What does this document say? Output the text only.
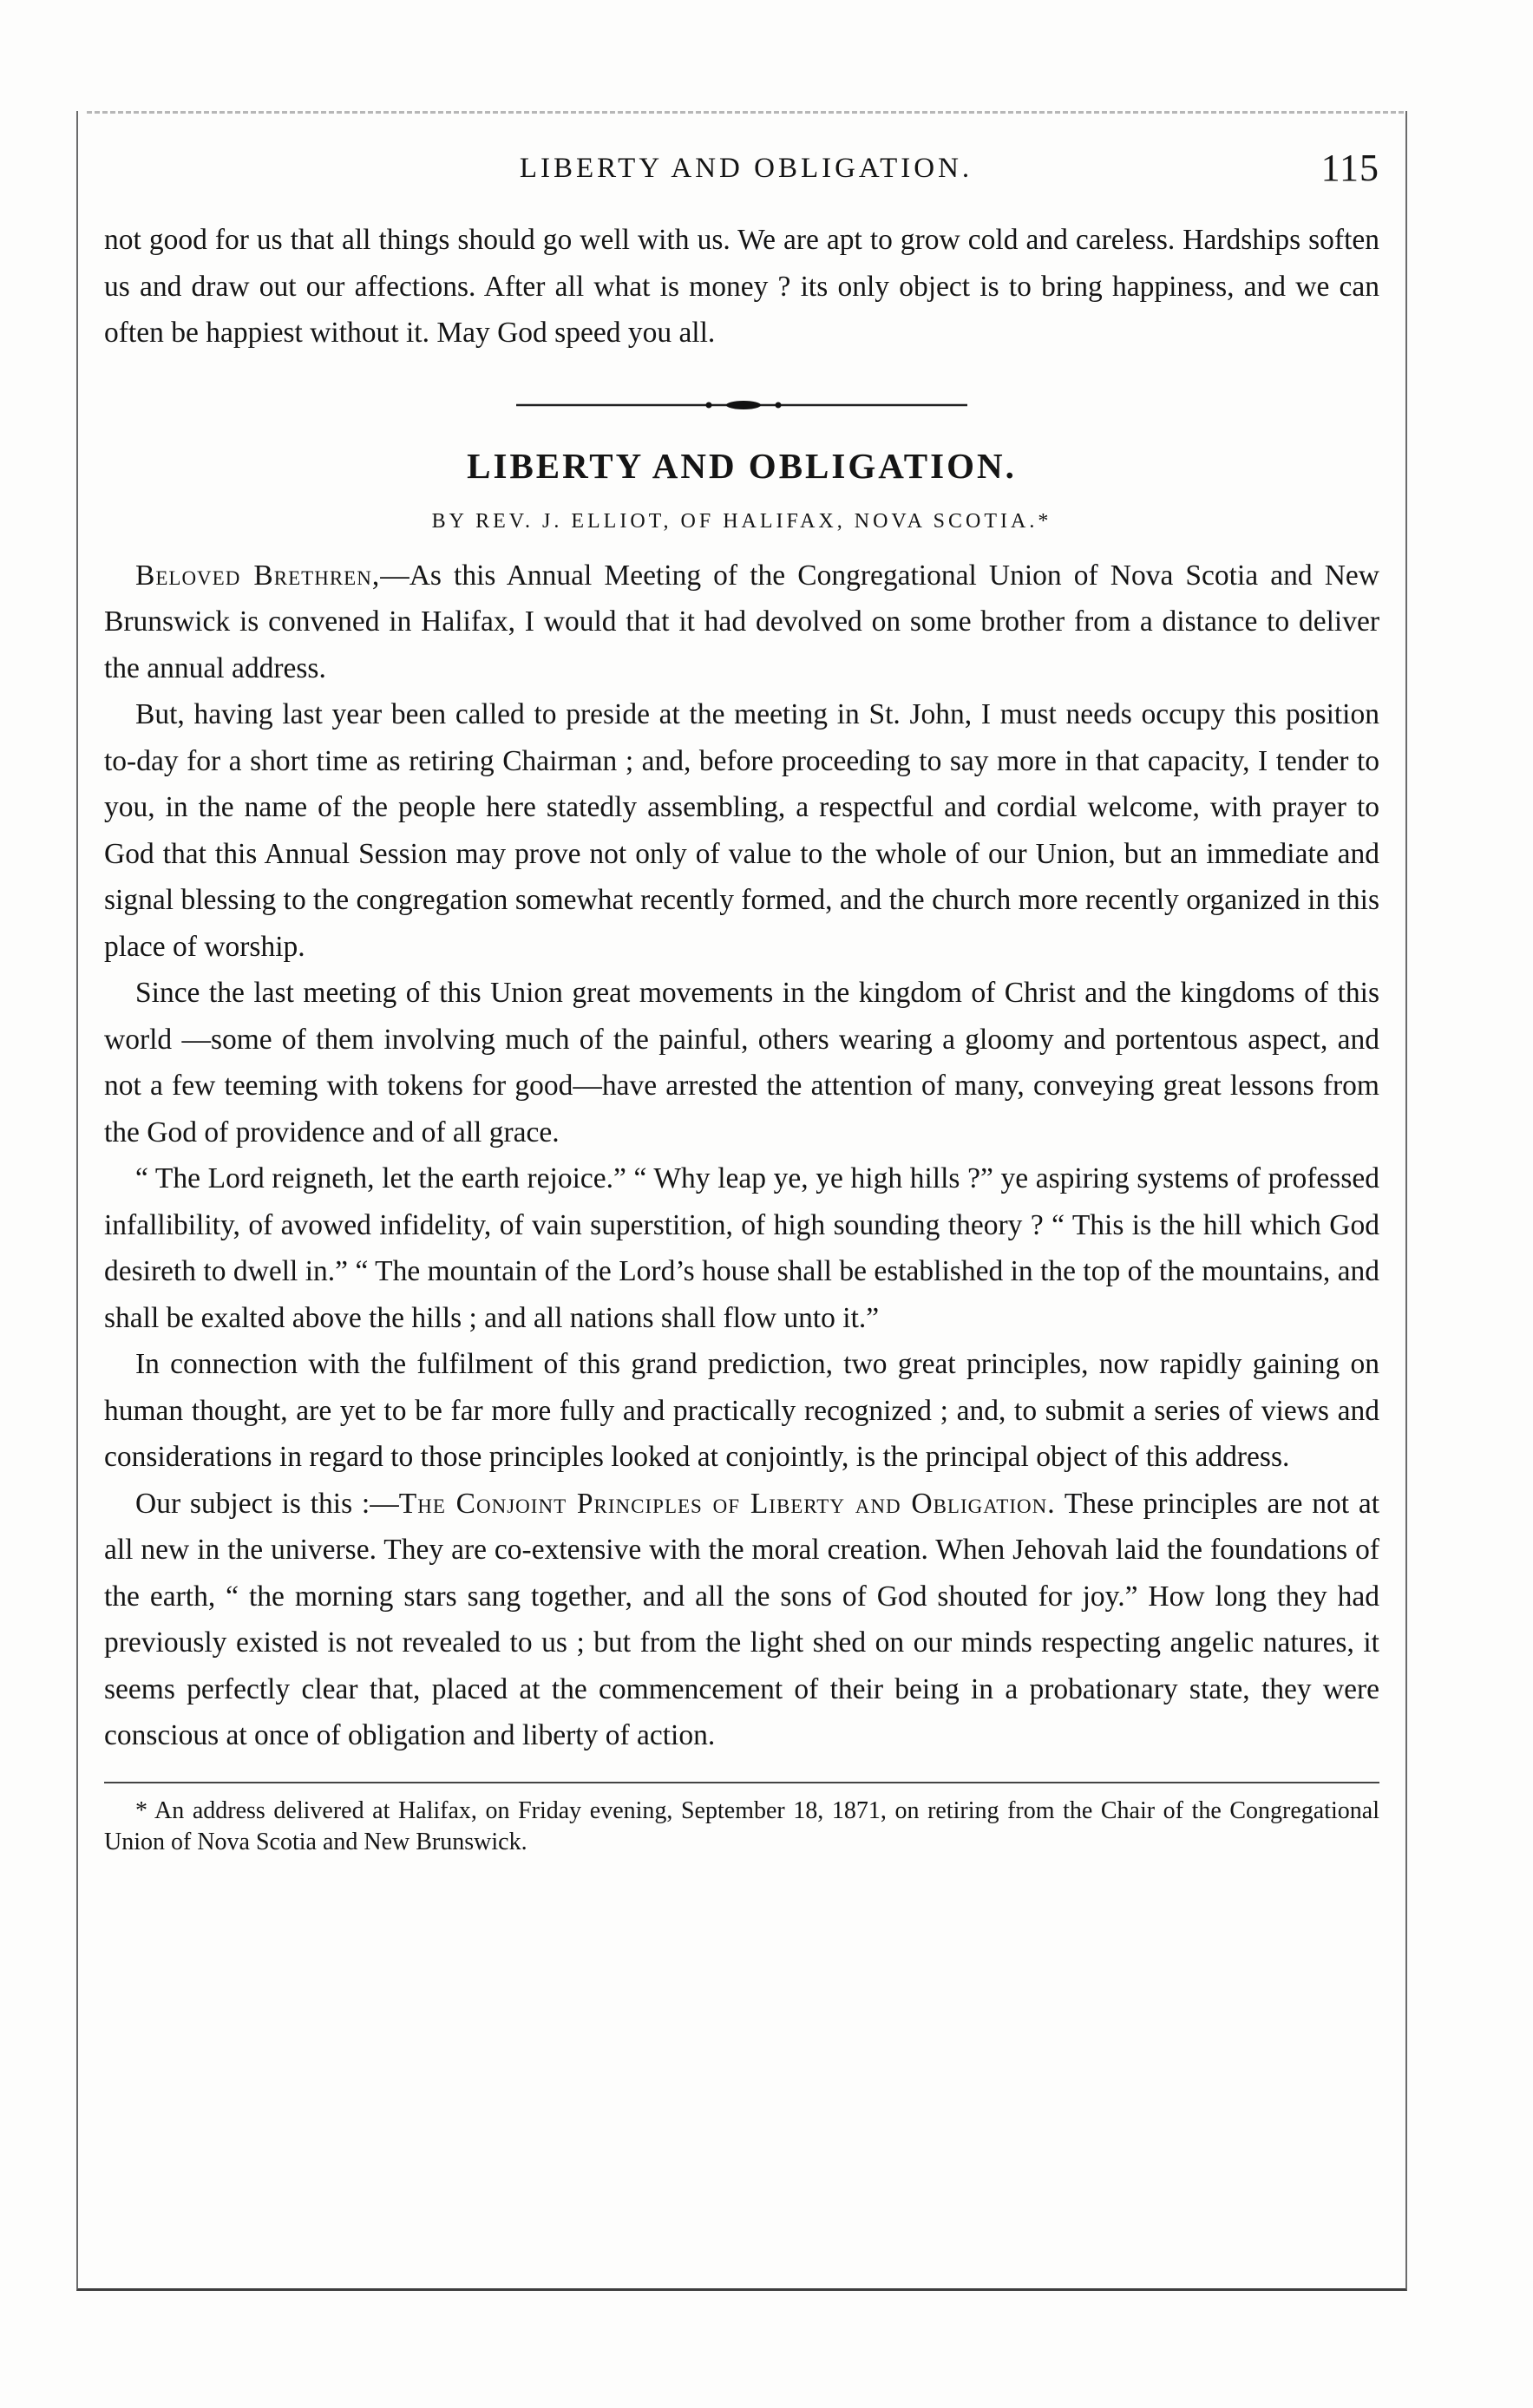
LIBERTY AND OBLIGATION.	115

not good for us that all things should go well with us. We are apt to grow cold and careless. Hardships soften us and draw out our affections. After all what is money ? its only object is to bring happiness, and we can often be happiest without it. May God speed you all.

LIBERTY AND OBLIGATION.
BY REV. J. ELLIOT, OF HALIFAX, NOVA SCOTIA.*

Beloved Brethren,—As this Annual Meeting of the Congregational Union of Nova Scotia and New Brunswick is convened in Halifax, I would that it had devolved on some brother from a distance to deliver the annual address.

But, having last year been called to preside at the meeting in St. John, I must needs occupy this position to-day for a short time as retiring Chairman ; and, before proceeding to say more in that capacity, I tender to you, in the name of the people here statedly assembling, a respectful and cordial welcome, with prayer to God that this Annual Session may prove not only of value to the whole of our Union, but an immediate and signal blessing to the congregation somewhat recently formed, and the church more recently organized in this place of worship.

Since the last meeting of this Union great movements in the kingdom of Christ and the kingdoms of this world —some of them involving much of the painful, others wearing a gloomy and portentous aspect, and not a few teeming with tokens for good—have arrested the attention of many, conveying great lessons from the God of providence and of all grace.

“ The Lord reigneth, let the earth rejoice.” “ Why leap ye, ye high hills ?” ye aspiring systems of professed infallibility, of avowed infidelity, of vain superstition, of high sounding theory ? “ This is the hill which God desireth to dwell in.” “ The mountain of the Lord’s house shall be established in the top of the mountains, and shall be exalted above the hills ; and all nations shall flow unto it.”

In connection with the fulfilment of this grand prediction, two great principles, now rapidly gaining on human thought, are yet to be far more fully and practically recognized ; and, to submit a series of views and considerations in regard to those principles looked at conjointly, is the principal object of this address.

Our subject is this :—The Conjoint Principles of Liberty and Obligation. These principles are not at all new in the universe. They are co-extensive with the moral creation. When Jehovah laid the foundations of the earth, “ the morning stars sang together, and all the sons of God shouted for joy.” How long they had previously existed is not revealed to us ; but from the light shed on our minds respecting angelic natures, it seems perfectly clear that, placed at the commencement of their being in a probationary state, they were conscious at once of obligation and liberty of action.

* An address delivered at Halifax, on Friday evening, September 18, 1871, on retiring from the Chair of the Congregational Union of Nova Scotia and New Brunswick.
